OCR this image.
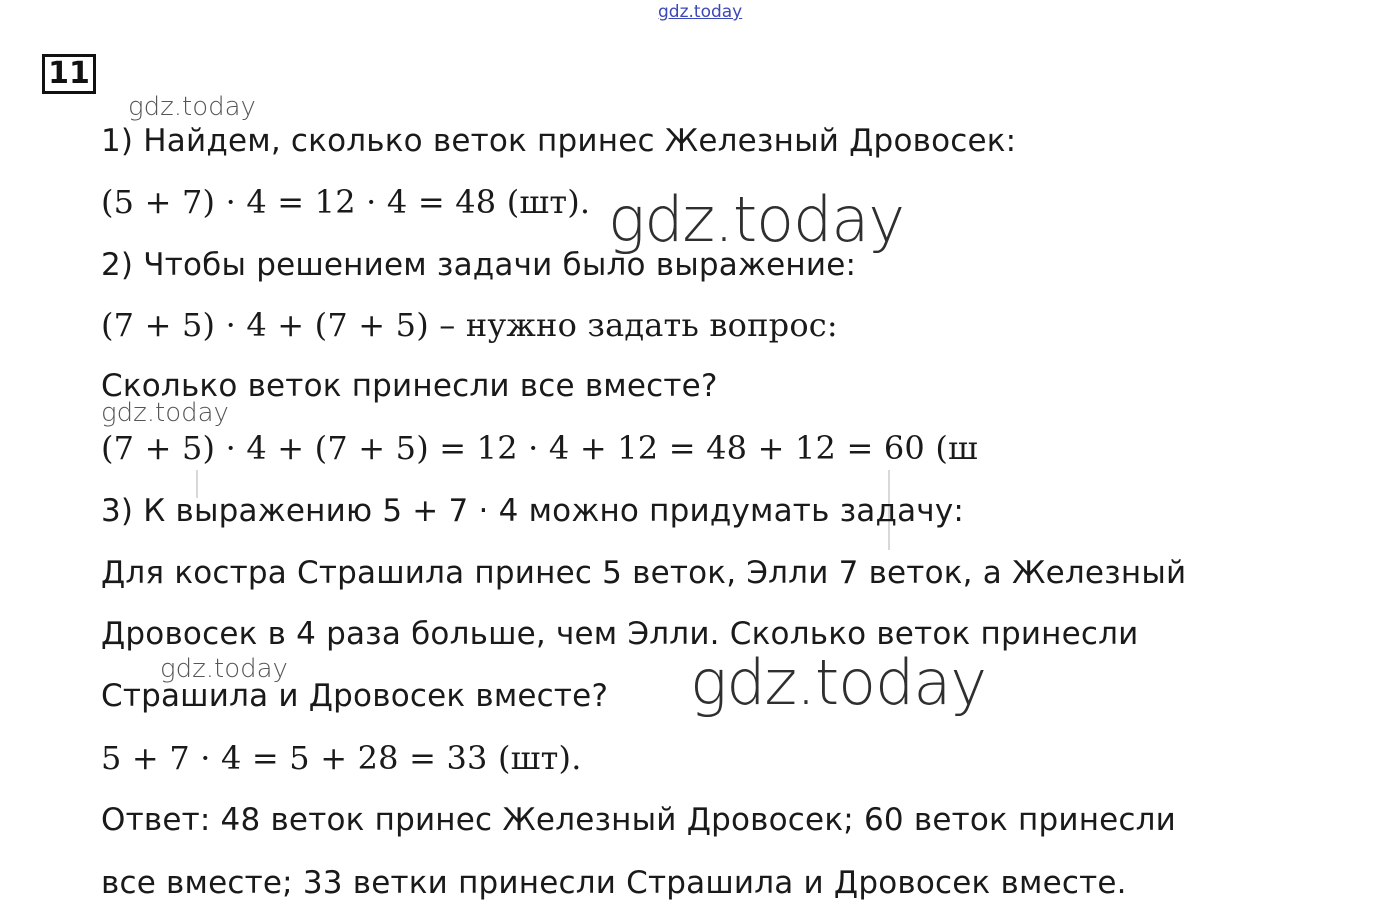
gdz.today
11
gdz.today
1) Найдем, сколько веток принес Железный Дровосек:
(5 + 7) · 4 = 12 · 4 = 48 (шт). gdz.today
2) Чтобы решением задачи было выражение:
(7 + 5) · 4 + (7 + 5) – нужно задать вопрос:
Сколько веток принесли все вместе?
gdz.today
(7 + 5) · 4 + (7 + 5) = 12 · 4 + 12 = 48 + 12 = 60 (ш
3) К выражению 5 + 7 · 4 можно придумать задачу:
Для костра Страшила принес 5 веток, Элли 7 веток, а Железный
Дровосек в 4 раза больше, чем Элли. Сколько веток принесли
gdz.today
Страшила и Дровосек вместе? gdz.today
5 + 7 · 4 = 5 + 28 = 33 (шт).
Ответ: 48 веток принес Железный Дровосек; 60 веток принесли
все вместе; 33 ветки принесли Страшила и Дровосек вместе.
